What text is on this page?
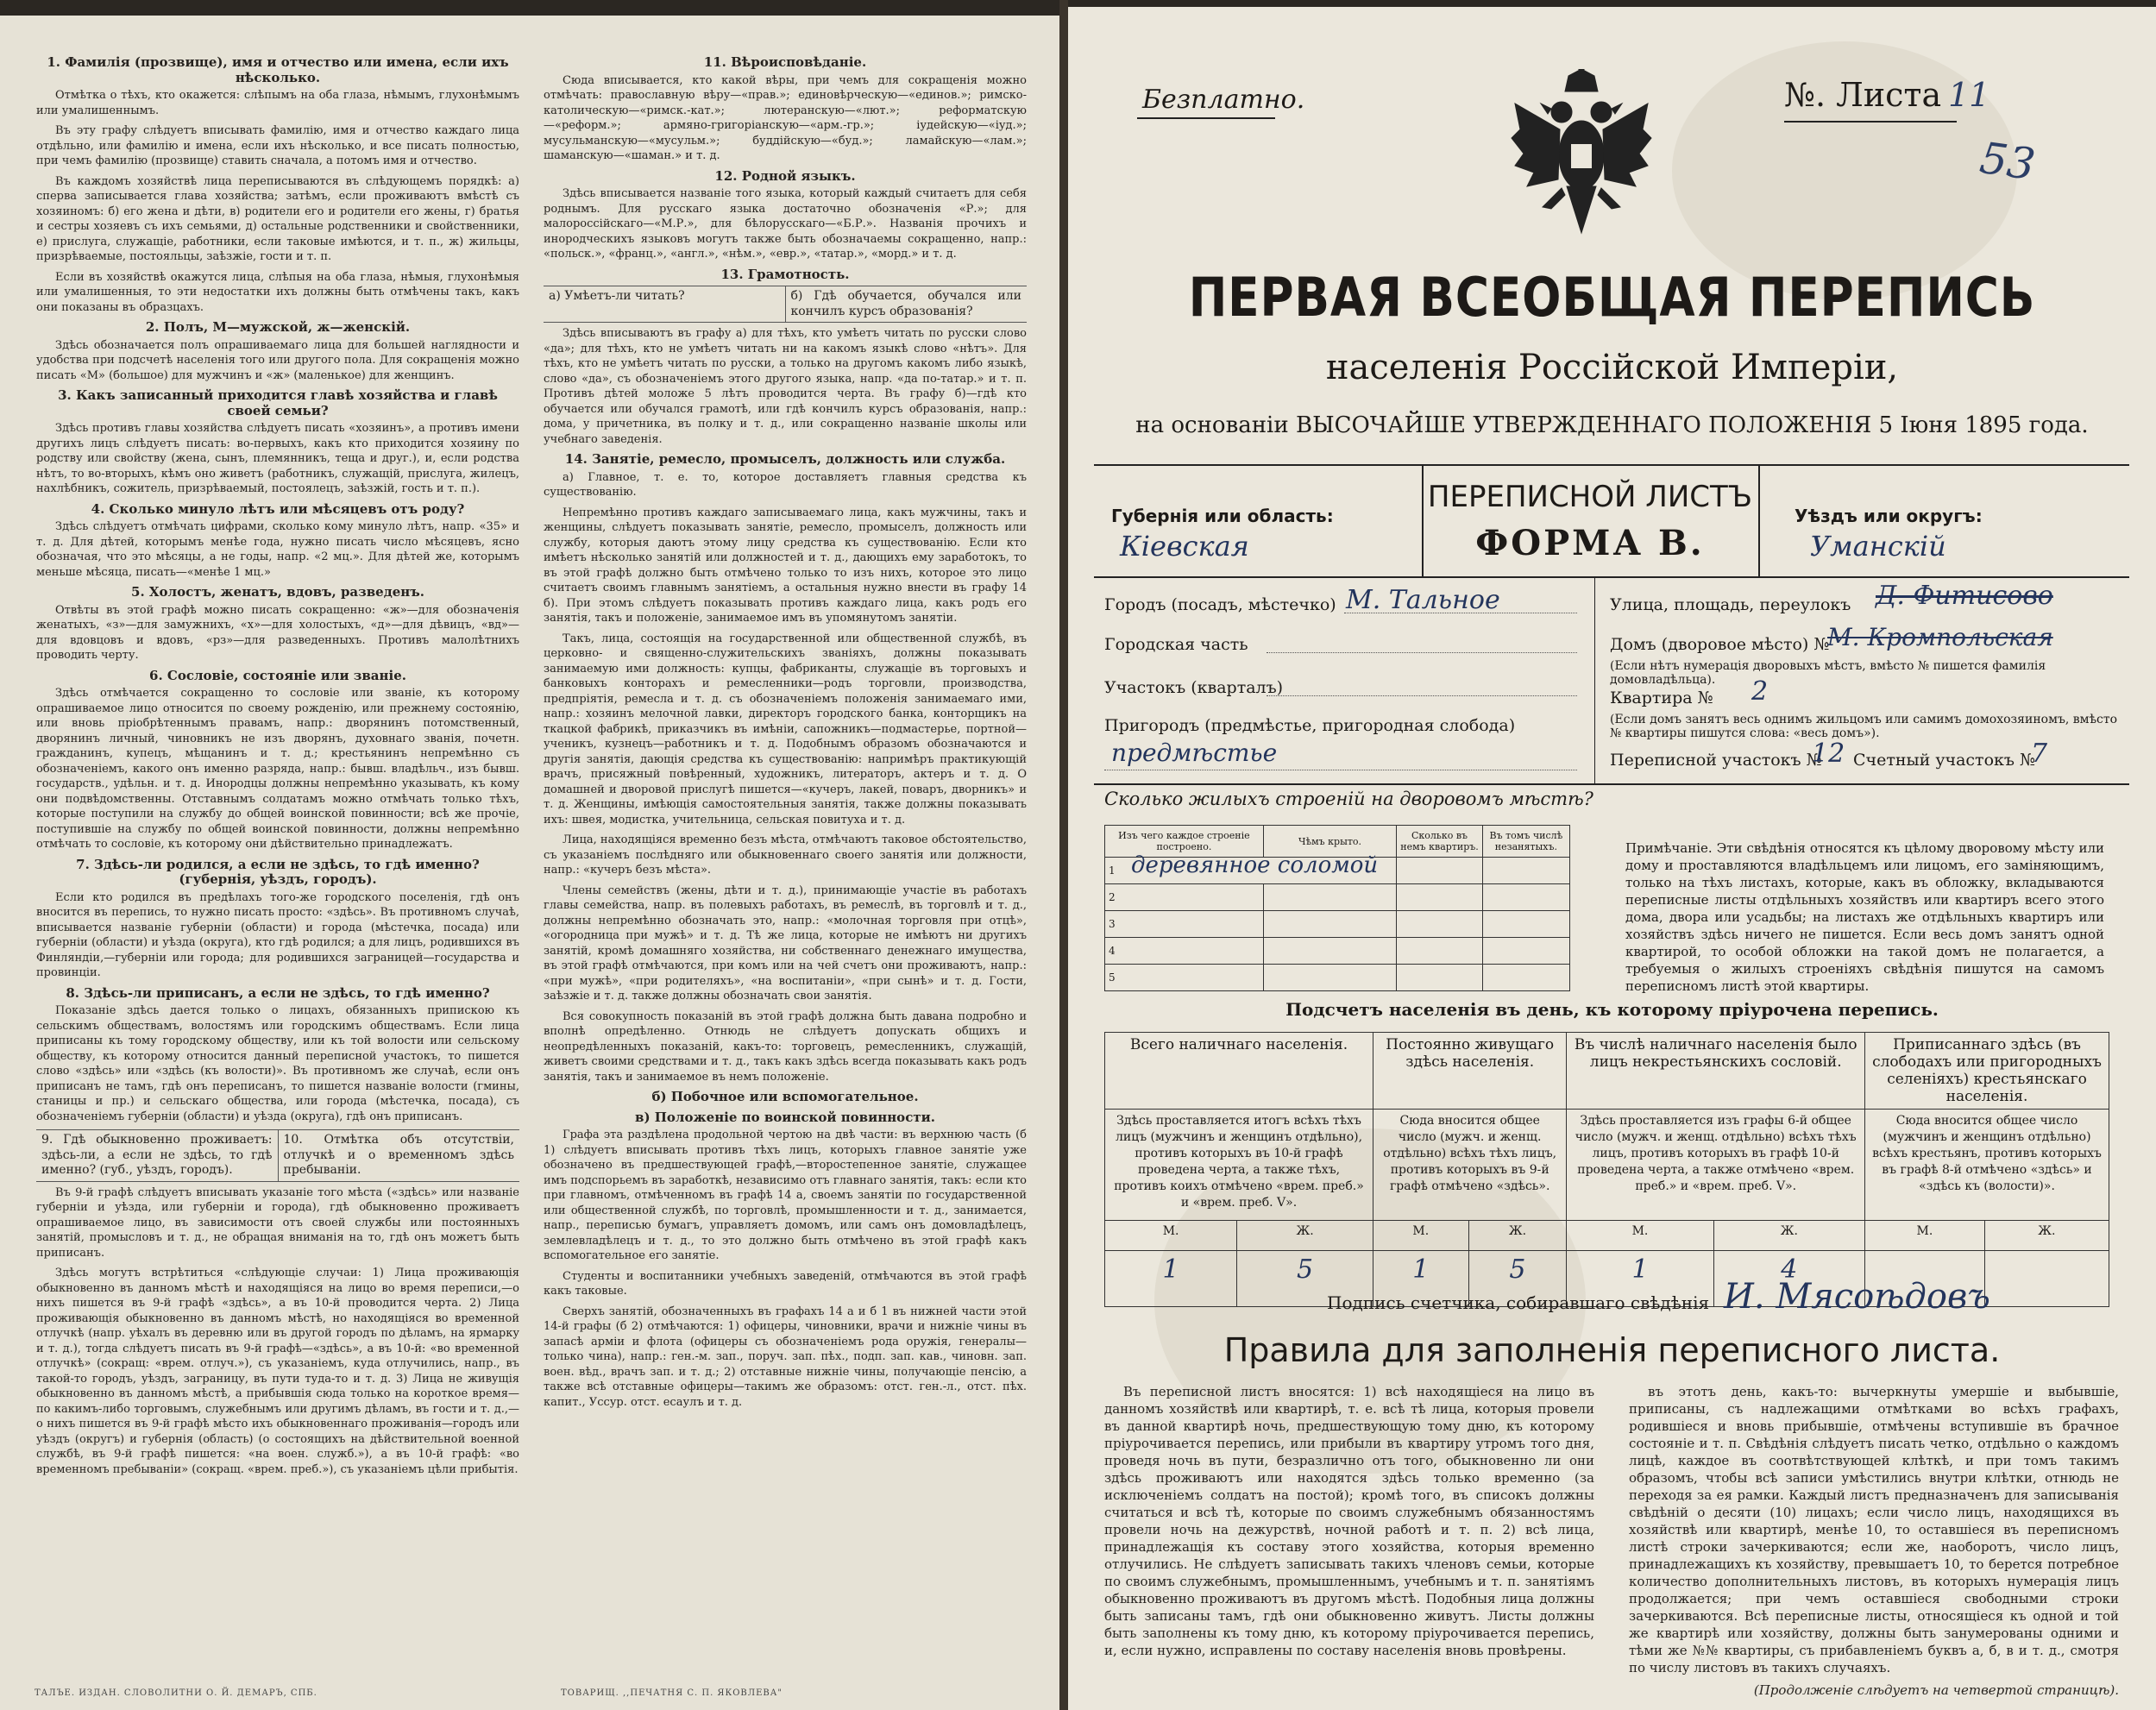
1. Фамилія (прозвище), имя и отчество или имена, если ихъ нѣсколько.

Отмѣтка о тѣхъ, кто окажется: слѣпымъ на оба глаза, нѣмымъ, глухонѣмымъ или умалишеннымъ.

Въ эту графу слѣдуетъ вписывать фамилію, имя и отчество каждаго лица отдѣльно, или фамилію и имена, если ихъ нѣсколько, и все писать полностью, при чемъ фамилію (прозвище) ставить сначала, а потомъ имя и отчество.

Въ каждомъ хозяйствѣ лица переписываются въ слѣдующемъ порядкѣ: а) сперва записывается глава хозяйства; затѣмъ, если проживаютъ вмѣстѣ съ хозяиномъ: б) его жена и дѣти, в) родители его и родители его жены, г) братья и сестры хозяевъ съ ихъ семьями, д) остальные родственники и свойственники, е) прислуга, служащіе, работники, если таковые имѣются, и т. п., ж) жильцы, призрѣваемые, постояльцы, заѣзжіе, гости и т. п.

Если въ хозяйствѣ окажутся лица, слѣпыя на оба глаза, нѣмыя, глухонѣмыя или умалишенныя, то эти недостатки ихъ должны быть отмѣчены такъ, какъ они показаны въ образцахъ.

2. Полъ, М—мужской, ж—женскій.

Здѣсь обозначается полъ опрашиваемаго лица для большей наглядности и удобства при подсчетѣ населенія того или другого пола. Для сокращенія можно писать «М» (большое) для мужчинъ и «ж» (маленькое) для женщинъ.

3. Какъ записанный приходится главѣ хозяйства и главѣ своей семьи?

Здѣсь противъ главы хозяйства слѣдуетъ писать «хозяинъ», а противъ имени другихъ лицъ слѣдуетъ писать: во-первыхъ, какъ кто приходится хозяину по родству или свойству (жена, сынъ, племянникъ, теща и друг.), и, если родства нѣтъ, то во-вторыхъ, кѣмъ оно живетъ (работникъ, служащій, прислуга, жилецъ, нахлѣбникъ, сожитель, призрѣваемый, постоялецъ, заѣзжій, гость и т. п.).

4. Сколько минуло лѣтъ или мѣсяцевъ отъ роду?

Здѣсь слѣдуетъ отмѣчать цифрами, сколько кому минуло лѣтъ, напр. «35» и т. д. Для дѣтей, которымъ менѣе года, нужно писать число мѣсяцевъ, ясно обозначая, что это мѣсяцы, а не годы, напр. «2 мц.». Для дѣтей же, которымъ меньше мѣсяца, писать—«менѣе 1 мц.»

5. Холостъ, женатъ, вдовъ, разведенъ.

Отвѣты въ этой графѣ можно писать сокращенно: «ж»—для обозначенія женатыхъ, «з»—для замужнихъ, «х»—для холостыхъ, «д»—для дѣвицъ, «вд»—для вдовцовъ и вдовъ, «рз»—для разведенныхъ. Противъ малолѣтнихъ проводить черту.

6. Сословіе, состояніе или званіе.

Здѣсь отмѣчается сокращенно то сословіе или званіе, къ которому опрашиваемое лицо относится по своему рожденію, или прежнему состоянію, или вновь пріобрѣтеннымъ правамъ, напр.: дворянинъ потомственный, дворянинъ личный, чиновникъ не изъ дворянъ, духовнаго званія, почетн. гражданинъ, купецъ, мѣщанинъ и т. д.; крестьянинъ непремѣнно съ обозначеніемъ, какого онъ именно разряда, напр.: бывш. владѣльч., изъ бывш. государств., удѣльн. и т. д. Инородцы должны непремѣнно указывать, къ кому они подвѣдомственны. Отставнымъ солдатамъ можно отмѣчать только тѣхъ, которые поступили на службу до общей воинской повинности; всѣ же прочіе, поступившіе на службу по общей воинской повинности, должны непремѣнно отмѣчать то сословіе, къ которому они дѣйствительно принадлежатъ.

7. Здѣсь-ли родился, а если не здѣсь, то гдѣ именно? (губернія, уѣздъ, городъ).

Если кто родился въ предѣлахъ того-же городского поселенія, гдѣ онъ вносится въ перепись, то нужно писать просто: «здѣсь». Въ противномъ случаѣ, вписывается названіе губерніи (области) и города (мѣстечка, посада) или губерніи (области) и уѣзда (округа), кто гдѣ родился; а для лицъ, родившихся въ Финляндіи,—губерніи или города; для родившихся заграницей—государства и провинціи.

8. Здѣсь-ли приписанъ, а если не здѣсь, то гдѣ именно?

Показаніе здѣсь дается только о лицахъ, обязанныхъ припискою къ сельскимъ обществамъ, волостямъ или городскимъ обществамъ. Если лица приписаны къ тому городскому обществу, или къ той волости или сельскому обществу, къ которому относится данный переписной участокъ, то пишется слово «здѣсь» или «здѣсь (къ волости)». Въ противномъ же случаѣ, если онъ приписанъ не тамъ, гдѣ онъ переписанъ, то пишется названіе волости (гмины, станицы и пр.) и сельскаго общества, или города (мѣстечка, посада), съ обозначеніемъ губерніи (области) и уѣзда (округа), гдѣ онъ приписанъ.

9. Гдѣ обыкновенно проживаетъ: здѣсь-ли, а если не здѣсь, то гдѣ именно? (губ., уѣздъ, городъ).
10. Отмѣтка объ отсутствіи, отлучкѣ и о временномъ здѣсь пребываніи.

Въ 9-й графѣ слѣдуетъ вписывать указаніе того мѣста («здѣсь» или названіе губерніи и уѣзда, или губерніи и города), гдѣ обыкновенно проживаетъ опрашиваемое лицо, въ зависимости отъ своей службы или постоянныхъ занятій, промысловъ и т. д., не обращая вниманія на то, гдѣ онъ можетъ быть приписанъ.

Здѣсь могутъ встрѣтиться «слѣдующіе случаи: 1) Лица проживающія обыкновенно въ данномъ мѣстѣ и находящіяся на лицо во время переписи,—о нихъ пишется въ 9-й графѣ «здѣсь», а въ 10-й проводится черта. 2) Лица проживающія обыкновенно въ данномъ мѣстѣ, но находящіяся во временной отлучкѣ (напр. уѣхалъ въ деревню или въ другой городъ по дѣламъ, на ярмарку и т. д.), тогда слѣдуетъ писать въ 9-й графѣ—«здѣсь», а въ 10-й: «во временной отлучкѣ» (сокращ: «врем. отлуч.»), съ указаніемъ, куда отлучились, напр., въ такой-то городъ, уѣздъ, заграницу, въ пути туда-то и т. д. 3) Лица не живущія обыкновенно въ данномъ мѣстѣ, а прибывшія сюда только на короткое время—по какимъ-либо торговымъ, служебнымъ или другимъ дѣламъ, въ гости и т. д.,—о нихъ пишется въ 9-й графѣ мѣсто ихъ обыкновеннаго проживанія—городъ или уѣздъ (округъ) и губернія (область) (о состоящихъ на дѣйствительной военной службѣ, въ 9-й графѣ пишется: «на воен. служб.»), а въ 10-й графѣ: «во временномъ пребываніи» (сокращ. «врем. преб.»), съ указаніемъ цѣли прибытія.

11. Вѣроисповѣданіе.

Сюда вписывается, кто какой вѣры, при чемъ для сокращенія можно отмѣчать: православную вѣру—«прав.»; единовѣрческую—«единов.»; римско-католическую—«римск.-кат.»; лютеранскую—«лют.»; реформатскую—«реформ.»; армяно-григоріанскую—«арм.-гр.»; іудейскую—«іуд.»; мусульманскую—«мусульм.»; буддійскую—«буд.»; ламайскую—«лам.»; шаманскую—«шаман.» и т. д.

12. Родной языкъ.

Здѣсь вписывается названіе того языка, который каждый считаетъ для себя роднымъ. Для русскаго языка достаточно обозначенія «Р.»; для малороссійскаго—«М.Р.», для бѣлорусскаго—«Б.Р.». Названія прочихъ и инородческихъ языковъ могутъ также быть обозначаемы сокращенно, напр.: «польск.», «франц.», «англ.», «нѣм.», «евр.», «татар.», «морд.» и т. д.

13. Грамотность.
а) Умѣетъ-ли читать?	б) Гдѣ обучается, обучался или кончилъ курсъ образованія?

Здѣсь вписываютъ въ графу а) для тѣхъ, кто умѣетъ читать по русски слово «да»; для тѣхъ, кто не умѣетъ читать ни на какомъ языкѣ слово «нѣтъ». Для тѣхъ, кто не умѣетъ читать по русски, а только на другомъ какомъ либо языкѣ, слово «да», съ обозначеніемъ этого другого языка, напр. «да по-татар.» и т. п. Противъ дѣтей моложе 5 лѣтъ проводится черта. Въ графу б)—гдѣ кто обучается или обучался грамотѣ, или гдѣ кончилъ курсъ образованія, напр.: дома, у причетника, въ полку и т. д., или сокращенно названіе школы или учебнаго заведенія.

14. Занятіе, ремесло, промыселъ, должность или служба.

а) Главное, т. е. то, которое доставляетъ главныя средства къ существованію.

Непремѣнно противъ каждаго записываемаго лица, какъ мужчины, такъ и женщины, слѣдуетъ показывать занятіе, ремесло, промыселъ, должность или службу, которыя даютъ этому лицу средства къ существованію. Если кто имѣетъ нѣсколько занятій или должностей и т. д., дающихъ ему заработокъ, то въ этой графѣ должно быть отмѣчено только то изъ нихъ, которое это лицо считаетъ своимъ главнымъ занятіемъ, а остальныя нужно внести въ графу 14 б). При этомъ слѣдуетъ показывать противъ каждаго лица, какъ родъ его занятія, такъ и положеніе, занимаемое имъ въ упомянутомъ занятіи.

Такъ, лица, состоящія на государственной или общественной службѣ, въ церковно- и священно-служительскихъ званіяхъ, должны показывать занимаемую ими должность: купцы, фабриканты, служащіе въ торговыхъ и банковыхъ конторахъ и ремесленники—родъ торговли, производства, предпріятія, ремесла и т. д. съ обозначеніемъ положенія занимаемаго ими, напр.: хозяинъ мелочной лавки, директоръ городского банка, конторщикъ на ткацкой фабрикѣ, приказчикъ въ имѣніи, сапожникъ—подмастерье, портной—ученикъ, кузнецъ—работникъ и т. д. Подобнымъ образомъ обозначаются и другія занятія, дающія средства къ существованію: напримѣръ практикующій врачъ, присяжный повѣренный, художникъ, литераторъ, актеръ и т. д. О домашней и дворовой прислугѣ пишется—«кучеръ, лакей, поваръ, дворникъ» и т. д. Женщины, имѣющія самостоятельныя занятія, также должны показывать ихъ: швея, модистка, учительница, сельская повитуха и т. д.

Лица, находящіяся временно безъ мѣста, отмѣчаютъ таковое обстоятельство, съ указаніемъ послѣдняго или обыкновеннаго своего занятія или должности, напр.: «кучеръ безъ мѣста».

Члены семействъ (жены, дѣти и т. д.), принимающіе участіе въ работахъ главы семейства, напр. въ полевыхъ работахъ, въ ремеслѣ, въ торговлѣ и т. д., должны непремѣнно обозначать это, напр.: «молочная торговля при отцѣ», «огородница при мужѣ» и т. д. Тѣ же лица, которые не имѣютъ ни другихъ занятій, кромѣ домашняго хозяйства, ни собственнаго денежнаго имущества, въ этой графѣ отмѣчаются, при комъ или на чей счетъ они проживаютъ, напр.: «при мужѣ», «при родителяхъ», «на воспитаніи», «при сынѣ» и т. д. Гости, заѣзжіе и т. д. также должны обозначать свои занятія.

Вся совокупность показаній въ этой графѣ должна быть давана подробно и вполнѣ опредѣленно. Отнюдь не слѣдуетъ допускать общихъ и неопредѣленныхъ показаній, какъ-то: торговецъ, ремесленникъ, служащій, живетъ своими средствами и т. д., такъ какъ здѣсь всегда показывать какъ родъ занятія, такъ и занимаемое въ немъ положеніе.

б) Побочное или вспомогательное.
в) Положеніе по воинской повинности.

Графа эта раздѣлена продольной чертою на двѣ части: въ верхнюю часть (б 1) слѣдуетъ вписывать противъ тѣхъ лицъ, которыхъ главное занятіе уже обозначено въ предшествующей графѣ,—второстепенное занятіе, служащее имъ подспорьемъ въ заработкѣ, независимо отъ главнаго занятія, такъ: если кто при главномъ, отмѣченномъ въ графѣ 14 а, своемъ занятіи по государственной или общественной службѣ, по торговлѣ, промышленности и т. д., занимается, напр., переписью бумагъ, управляетъ домомъ, или самъ онъ домовладѣлецъ, землевладѣлецъ и т. д., то это должно быть отмѣчено въ этой графѣ какъ вспомогательное его занятіе.

Студенты и воспитанники учебныхъ заведеній, отмѣчаются въ этой графѣ какъ таковые.

Сверхъ занятій, обозначенныхъ въ графахъ 14 а и б 1 въ нижней части этой 14-й графы (б 2) отмѣчаются: 1) офицеры, чиновники, врачи и нижніе чины въ запасѣ арміи и флота (офицеры съ обозначеніемъ рода оружія, генералы—только чина), напр.: ген.-м. зап., поруч. зап. пѣх., подп. зап. кав., чиновн. зап. воен. вѣд., врачъ зап. и т. д.; 2) отставные нижніе чины, получающіе пенсію, а также всѣ отставные офицеры—такимъ же образомъ: отст. ген.-л., отст. пѣх. капит., Уссур. отст. есаулъ и т. д.

ТАЛЪЕ. ИЗДАН. СЛОВОЛИТНИ О. Й. ДЕМАРЪ, СПБ.	ТОВАРИЩ. ,,ПЕЧАТНЯ С. П. ЯКОВЛЕВА"
Безплатно.	№. Листа 11
53
ПЕРВАЯ ВСЕОБЩАЯ ПЕРЕПИСЬ
населенія Россійской Имперіи,
на основаніи ВЫСОЧАЙШЕ УТВЕРЖДЕННАГО ПОЛОЖЕНІЯ 5 Іюня 1895 года.
Губернія или область:
Кіевская
ПЕРЕПИСНОЙ ЛИСТЪ
ФОРМА В.
Уѣздъ или округъ:
Уманскій
Городъ (посадъ, мѣстечко) М. Тальное
Городская часть
Участокъ (кварталъ)
Пригородъ (предмѣстье, пригородная слобода)
предмѣстье
Улица, площадь, переулокъ Д. Фитисово
Домъ (дворовое мѣсто) №
М. Кромпольская
(Если нѣтъ нумерація дворовыхъ мѣстъ, вмѣсто № пишется фамилія домовладѣльца).
Квартира № 2
(Если домъ занятъ весь однимъ жильцомъ или самимъ домохозяиномъ, вмѣсто № квартиры пишутся слова: «весь домъ»).
Переписной участокъ №
12 Счетный участокъ №
7
Сколько жилыхъ строеній на дворовомъ мѣстѣ?
Изъ чего каждое строеніе построено.	Чѣмъ крыто.	Сколько въ немъ квартиръ.	Въ томъ числѣ незанятыхъ.
1 деревянное соломой			

2			
3			
4			
5			
Примѣчаніе. Эти свѣдѣнія относятся къ цѣлому дворовому мѣсту или дому и проставляются владѣльцемъ или лицомъ, его заміняющимъ, только на тѣхъ листахъ, которые, какъ въ обложку, вкладываются переписные листы отдѣльныхъ хозяйствъ или квартиръ всего этого дома, двора или усадьбы; на листахъ же отдѣльныхъ квартиръ или хозяйствъ здѣсь ничего не пишется. Если весь домъ занятъ одной квартирой, то особой обложки на такой домъ не полагается, а требуемыя о жилыхъ строеніяхъ свѣдѣнія пишутся на самомъ переписномъ листѣ этой квартиры.
Подсчетъ населенія въ день, къ которому пріурочена перепись.
Всего наличнаго населенія.		Постоянно живущаго здѣсь населенія.		Въ числѣ наличнаго населенія было лицъ некрестьянскихъ сословій.		Приписаннаго здѣсь (въ слободахъ или пригородныхъ селеніяхъ) крестьянскаго населенія.	
Здѣсь проставляется итогъ всѣхъ тѣхъ лицъ (мужчинъ и женщинъ отдѣльно), противъ которыхъ въ 10-й графѣ проведена черта, а также тѣхъ, противъ коихъ отмѣчено «врем. преб.» и «врем. преб. V».		Сюда вносится общее число (мужч. и женщ. отдѣльно) всѣхъ тѣхъ лицъ, противъ которыхъ въ 9-й графѣ отмѣчено «здѣсь».		Здѣсь проставляется изъ графы 6-й общее число (мужч. и женщ. отдѣльно) всѣхъ тѣхъ лицъ, противъ которыхъ въ графѣ 10-й проведена черта, а также отмѣчено «врем. преб.» и «врем. преб. V».		Сюда вносится общее число (мужчинъ и женщинъ отдѣльно) всѣхъ крестьянъ, противъ которыхъ въ графѣ 8-й отмѣчено «здѣсь» и «здѣсь къ (волости)».	
М.	Ж.	М.	Ж.	М.	Ж.	М.	Ж.
1	5	1	5	1	4		
Подпись счетчика, собиравшаго свѣдѣнія И. Мясоѣдовъ
Правила для заполненія переписного листа.

Въ переписной листъ вносятся: 1) всѣ находящіеся на лицо въ данномъ хозяйствѣ или квартирѣ, т. е. всѣ тѣ лица, которыя провели въ данной квартирѣ ночь, предшествующую тому дню, къ которому пріурочивается перепись, или прибыли въ квартиру утромъ того дня, проведя ночь въ пути, безразлично отъ того, обыкновенно ли они здѣсь проживаютъ или находятся здѣсь только временно (за исключеніемъ солдатъ на постой); кромѣ того, въ списокъ должны считаться и всѣ тѣ, которые по своимъ служебнымъ обязанностямъ провели ночь на дежурствѣ, ночной работѣ и т. п. 2) всѣ лица, принадлежащія къ составу этого хозяйства, которыя временно отлучились. Не слѣдуетъ записывать такихъ членовъ семьи, которые по своимъ служебнымъ, промышленнымъ, учебнымъ и т. п. занятіямъ обыкновенно проживаютъ въ другомъ мѣстѣ. Подобныя лица должны быть записаны тамъ, гдѣ они обыкновенно живутъ. Листы должны быть заполнены къ тому дню, къ которому пріурочивается перепись, и, если нужно, исправлены по составу населенія вновь провѣрены.

въ этотъ день, какъ-то: вычеркнуты умершіе и выбывшіе, приписаны, съ надлежащими отмѣтками во всѣхъ графахъ, родившіеся и вновь прибывшіе, отмѣчены вступившіе въ брачное состояніе и т. п. Свѣдѣнія слѣдуетъ писать четко, отдѣльно о каждомъ лицѣ, каждое въ соотвѣтствующей клѣткѣ, и при томъ такимъ образомъ, чтобы всѣ записи умѣстились внутри клѣтки, отнюдь не переходя за ея рамки. Каждый листъ предназначенъ для записыванія свѣдѣній о десяти (10) лицахъ; если число лицъ, находящихся въ хозяйствѣ или квартирѣ, менѣе 10, то оставшіеся въ переписномъ листѣ строки зачеркиваются; если же, наоборотъ, число лицъ, принадлежащихъ къ хозяйству, превышаетъ 10, то берется потребное количество дополнительныхъ листовъ, въ которыхъ нумерація лицъ продолжается; при чемъ оставшіеся свободными строки зачеркиваются. Всѣ переписные листы, относящіеся къ одной и той же квартирѣ или хозяйству, должны быть занумерованы одними и тѣми же №№ квартиры, съ прибавленіемъ буквъ а, б, в и т. д., смотря по числу листовъ въ такихъ случаяхъ.

(Продолженіе слѣдуетъ на четвертой страницѣ).
